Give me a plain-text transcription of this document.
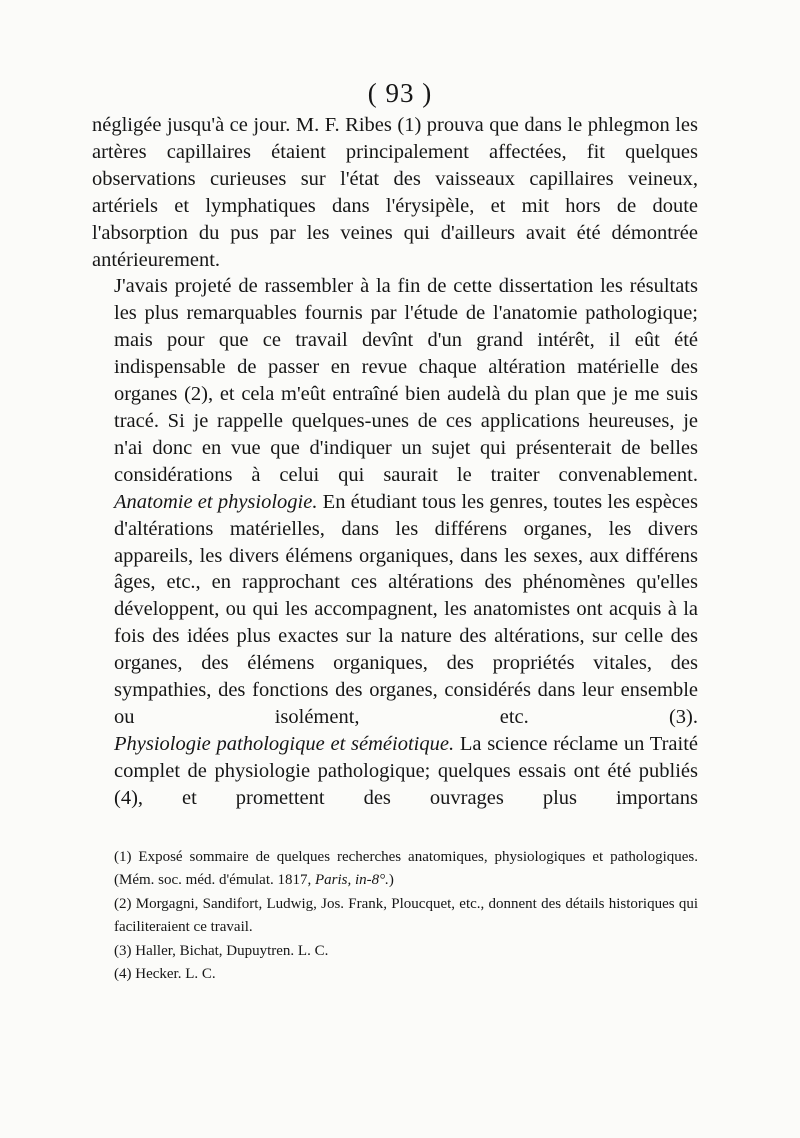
( 93 )

négligée jusqu'à ce jour. M. F. Ribes (1) prouva que dans le phlegmon les artères capillaires étaient principalement affectées, fit quelques observations curieuses sur l'état des vaisseaux capillaires veineux, artériels et lymphatiques dans l'érysipèle, et mit hors de doute l'absorption du pus par les veines qui d'ailleurs avait été démontrée antérieurement.

J'avais projeté de rassembler à la fin de cette dissertation les résultats les plus remarquables fournis par l'étude de l'anatomie pathologique; mais pour que ce travail devînt d'un grand intérêt, il eût été indispensable de passer en revue chaque altération matérielle des organes (2), et cela m'eût entraîné bien audelà du plan que je me suis tracé. Si je rappelle quelques-unes de ces applications heureuses, je n'ai donc en vue que d'indiquer un sujet qui présenterait de belles considérations à celui qui saurait le traiter convenablement.

Anatomie et physiologie. En étudiant tous les genres, toutes les espèces d'altérations matérielles, dans les différens organes, les divers appareils, les divers élémens organiques, dans les sexes, aux différens âges, etc., en rapprochant ces altérations des phénomènes qu'elles développent, ou qui les accompagnent, les anatomistes ont acquis à la fois des idées plus exactes sur la nature des altérations, sur celle des organes, des élémens organiques, des propriétés vitales, des sympathies, des fonctions des organes, considérés dans leur ensemble ou isolément, etc. (3).

Physiologie pathologique et séméiotique. La science réclame un Traité complet de physiologie pathologique; quelques essais ont été publiés (4), et promettent des ouvrages plus importans

(1) Exposé sommaire de quelques recherches anatomiques, physiologiques et pathologiques. (Mém. soc. méd. d'émulat. 1817, Paris, in-8°.)

(2) Morgagni, Sandifort, Ludwig, Jos. Frank, Ploucquet, etc., donnent des détails historiques qui faciliteraient ce travail.

(3) Haller, Bichat, Dupuytren. L. C.

(4) Hecker. L. C.
